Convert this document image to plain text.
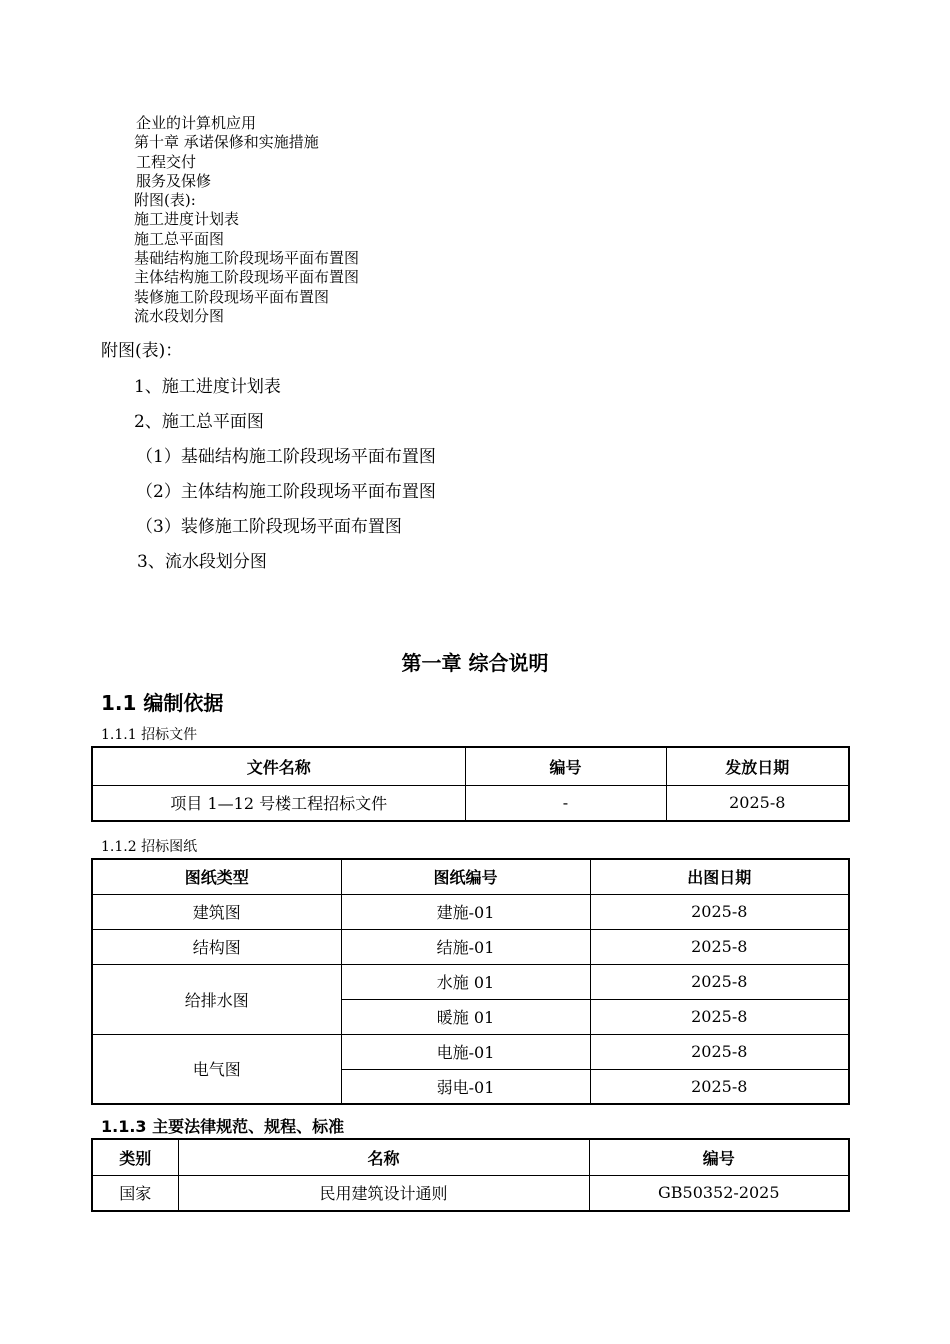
企业的计算机应用
第十章 承诺保修和实施措施
工程交付
服务及保修
附图(表):
施工进度计划表
施工总平面图
基础结构施工阶段现场平面布置图
主体结构施工阶段现场平面布置图
装修施工阶段现场平面布置图
流水段划分图
附图(表)：
1、施工进度计划表
2、施工总平面图
（1）基础结构施工阶段现场平面布置图
（2）主体结构施工阶段现场平面布置图
（3）装修施工阶段现场平面布置图
3、流水段划分图
第一章 综合说明
1.1 编制依据
1.1.1 招标文件
文件名称	编号	发放日期
项目 1—12 号楼工程招标文件	-	2025-8
1.1.2 招标图纸
图纸类型	图纸编号	出图日期
建筑图	建施-01	2025-8
结构图	结施-01	2025-8
给排水图	水施 01	2025-8
	暖施 01	2025-8
电气图	电施-01	2025-8
	弱电-01	2025-8
1.1.3 主要法律规范、规程、标准
类别	名称	编号
国家	民用建筑设计通则	GB50352-2025
